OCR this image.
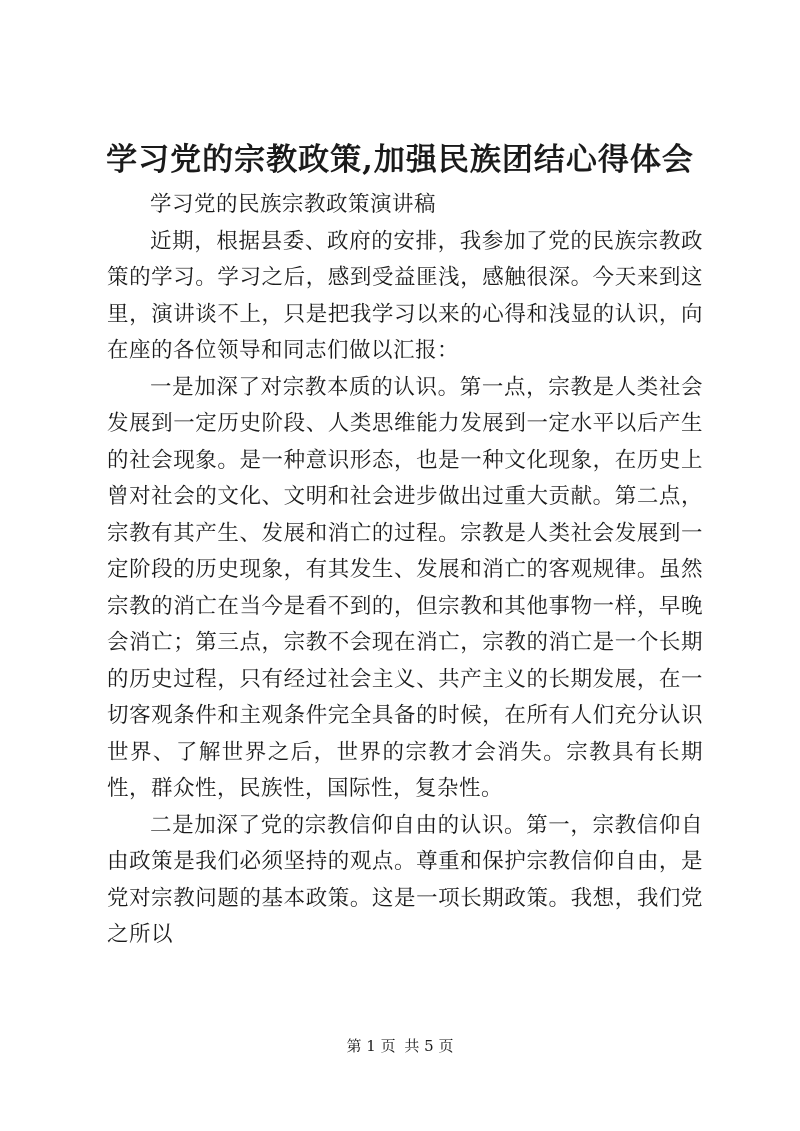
学习党的宗教政策,加强民族团结心得体会

学习党的民族宗教政策演讲稿

近期，根据县委、政府的安排，我参加了党的民族宗教政策的学习。学习之后，感到受益匪浅，感触很深。今天来到这里，演讲谈不上，只是把我学习以来的心得和浅显的认识，向在座的各位领导和同志们做以汇报：

一是加深了对宗教本质的认识。第一点，宗教是人类社会发展到一定历史阶段、人类思维能力发展到一定水平以后产生的社会现象。是一种意识形态，也是一种文化现象，在历史上曾对社会的文化、文明和社会进步做出过重大贡献。第二点，宗教有其产生、发展和消亡的过程。宗教是人类社会发展到一定阶段的历史现象，有其发生、发展和消亡的客观规律。虽然宗教的消亡在当今是看不到的，但宗教和其他事物一样，早晚会消亡；第三点，宗教不会现在消亡，宗教的消亡是一个长期的历史过程，只有经过社会主义、共产主义的长期发展，在一切客观条件和主观条件完全具备的时候，在所有人们充分认识世界、了解世界之后，世界的宗教才会消失。宗教具有长期性，群众性，民族性，国际性，复杂性。

二是加深了党的宗教信仰自由的认识。第一，宗教信仰自由政策是我们必须坚持的观点。尊重和保护宗教信仰自由，是党对宗教问题的基本政策。这是一项长期政策。我想，我们党之所以

第 1 页 共 5 页
